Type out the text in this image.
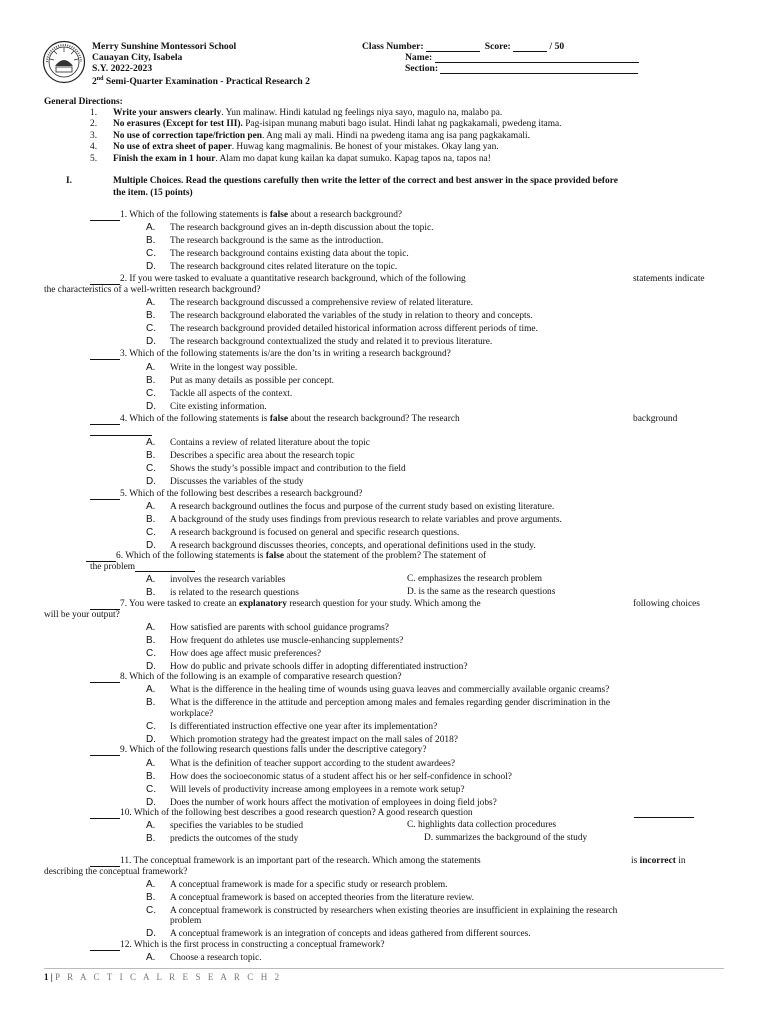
Merry Sunshine Montessori School
Cauayan City, Isabela
S.Y. 2022-2023
2nd Semi-Quarter Examination - Practical Research 2
Class Number:	Score:	/ 50
Name:
Section:
General Directions:
1. Write your answers clearly. Yun malinaw. Hindi katulad ng feelings niya sayo, magulo na, malabo pa.
2. No erasures (Except for test III). Pag-isipan munang mabuti bago isulat. Hindi lahat ng pagkakamali, pwedeng itama.
3. No use of correction tape/friction pen. Ang mali ay mali. Hindi na pwedeng itama ang isa pang pagkakamali.
4. No use of extra sheet of paper. Huwag kang magmalinis. Be honest of your mistakes. Okay lang yan.
5. Finish the exam in 1 hour. Alam mo dapat kung kailan ka dapat sumuko. Kapag tapos na, tapos na!
I.	Multiple Choices. Read the questions carefully then write the letter of the correct and best answer in the space provided before
the item. (15 points)
1. Which of the following statements is false about a research background?
A. The research background gives an in-depth discussion about the topic.
B. The research background is the same as the introduction.
C. The research background contains existing data about the topic.
D. The research background cites related literature on the topic.
2. If you were tasked to evaluate a quantitative research background, which of the following	statements indicate
the characteristics of a well-written research background?
A. The research background discussed a comprehensive review of related literature.
B. The research background elaborated the variables of the study in relation to theory and concepts.
C. The research background provided detailed historical information across different periods of time.
D. The research background contextualized the study and related it to previous literature.
3. Which of the following statements is/are the don’ts in writing a research background?
A. Write in the longest way possible.
B. Put as many details as possible per concept.
C. Tackle all aspects of the context.
D. Cite existing information.
4. Which of the following statements is false about the research background? The research	background
A. Contains a review of related literature about the topic
B. Describes a specific area about the research topic
C. Shows the study’s possible impact and contribution to the field
D. Discusses the variables of the study
5. Which of the following best describes a research background?
A. A research background outlines the focus and purpose of the current study based on existing literature.
B. A background of the study uses findings from previous research to relate variables and prove arguments.
C. A research background is focused on general and specific research questions.
D. A research background discusses theories, concepts, and operational definitions used in the study.
6. Which of the following statements is false about the statement of the problem? The statement of
the problem
A. involves the research variables
B. is related to the research questions
C. emphasizes the research problem
D. is the same as the research questions
7. You were tasked to create an explanatory research question for your study. Which among the	following choices
will be your output?
A. How satisfied are parents with school guidance programs?
B. How frequent do athletes use muscle-enhancing supplements?
C. How does age affect music preferences?
D. How do public and private schools differ in adopting differentiated instruction?
8. Which of the following is an example of comparative research question?
A. What is the difference in the healing time of wounds using guava leaves and commercially available organic creams?
B. What is the difference in the attitude and perception among males and females regarding gender discrimination in the
C. Is differentiated instruction effective one year after its implementation?
D. Which promotion strategy had the greatest impact on the mall sales of 2018?
workplace?
9. Which of the following research questions falls under the descriptive category?
A. What is the definition of teacher support according to the student awardees?
B. How does the socioeconomic status of a student affect his or her self-confidence in school?
C. Will levels of productivity increase among employees in a remote work setup?
D. Does the number of work hours affect the motivation of employees in doing field jobs?
10. Which of the following best describes a good research question? A good research question
A. specifies the variables to be studied
B. predicts the outcomes of the study
C. highlights data collection procedures
D. summarizes the background of the study
11. The conceptual framework is an important part of the research. Which among the statements	is incorrect in
describing the conceptual framework?
A. A conceptual framework is made for a specific study or research problem.
B. A conceptual framework is based on accepted theories from the literature review.
C. A conceptual framework is constructed by researchers when existing theories are insufficient in explaining the research
D. A conceptual framework is an integration of concepts and ideas gathered from different sources.
problem
12. Which is the first process in constructing a conceptual framework?
A. Choose a research topic.
1 | P R A C T I C A L R E S E A R C H 2
